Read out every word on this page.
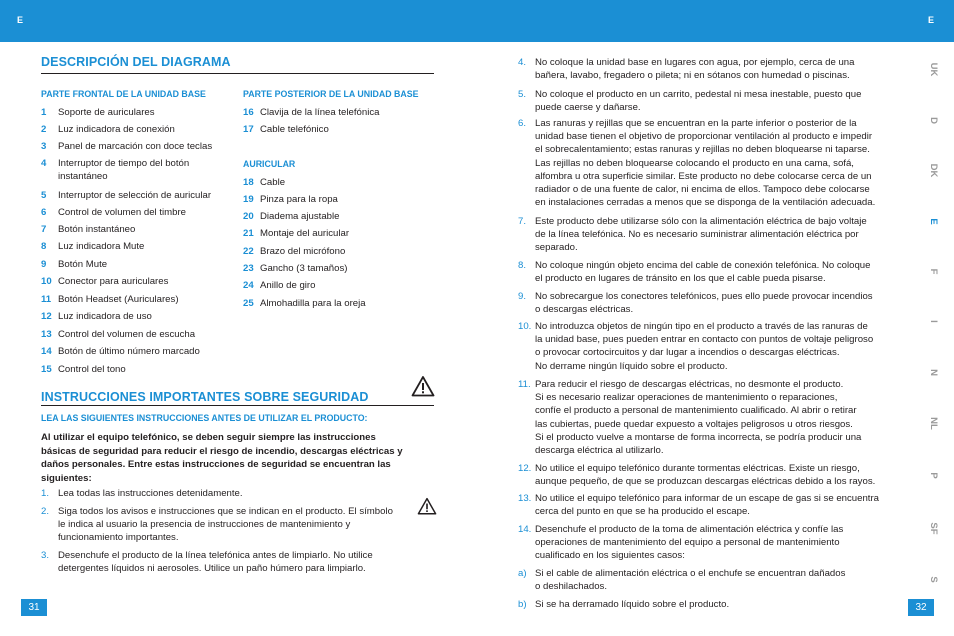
E	E
UK
D
DK
E
F
I
N
NL
P
SF
S
31	32
DESCRIPCIÓN DEL DIAGRAMA
PARTE FRONTAL DE LA UNIDAD BASE	PARTE POSTERIOR DE LA UNIDAD BASE
AURICULAR
1 Soporte de auriculares
2 Luz indicadora de conexión
3 Panel de marcación con doce teclas
4 Interruptor de tiempo del botón
instantáneo
5 Interruptor de selección de auricular
6 Control de volumen del timbre
7 Botón instantáneo
8 Luz indicadora Mute
9 Botón Mute
10 Conector para auriculares
11 Botón Headset (Auriculares)
12 Luz indicadora de uso
13 Control del volumen de escucha
14 Botón de último número marcado
15 Control del tono
16 Clavija de la línea telefónica
17 Cable telefónico
18 Cable
19 Pinza para la ropa
20 Diadema ajustable
21 Montaje del auricular
22 Brazo del micrófono
23 Gancho (3 tamaños)
24 Anillo de giro
25 Almohadilla para la oreja
INSTRUCCIONES IMPORTANTES SOBRE SEGURIDAD
LEA LAS SIGUIENTES INSTRUCCIONES ANTES DE UTILIZAR EL PRODUCTO:
Al utilizar el equipo telefónico, se deben seguir siempre las instrucciones
básicas de seguridad para reducir el riesgo de incendio, descargas eléctricas y
daños personales. Entre estas instrucciones de seguridad se encuentran las
siguientes:
1. Lea todas las instrucciones detenidamente.
2. Siga todos los avisos e instrucciones que se indican en el producto. El símbolo
le indica al usuario la presencia de instrucciones de mantenimiento y
funcionamiento importantes.
3. Desenchufe el producto de la línea telefónica antes de limpiarlo. No utilice
detergentes líquidos ni aerosoles. Utilice un paño húmero para limpiarlo.
4. No coloque la unidad base en lugares con agua, por ejemplo, cerca de una
bañera, lavabo, fregadero o pileta; ni en sótanos con humedad o piscinas.
5. No coloque el producto en un carrito, pedestal ni mesa inestable, puesto que
puede caerse y dañarse.
6. Las ranuras y rejillas que se encuentran en la parte inferior o posterior de la
unidad base tienen el objetivo de proporcionar ventilación al producto e impedir
el sobrecalentamiento; estas ranuras y rejillas no deben bloquearse ni taparse.
Las rejillas no deben bloquearse colocando el producto en una cama, sofá,
alfombra u otra superficie similar. Este producto no debe colocarse cerca de un
radiador o de una fuente de calor, ni encima de ellos. Tampoco debe colocarse
en instalaciones cerradas a menos que se disponga de la ventilación adecuada.
7. Este producto debe utilizarse sólo con la alimentación eléctrica de bajo voltaje
de la línea telefónica. No es necesario suministrar alimentación eléctrica por
separado.
8. No coloque ningún objeto encima del cable de conexión telefónica. No coloque
el producto en lugares de tránsito en los que el cable pueda pisarse.
9. No sobrecargue los conectores telefónicos, pues ello puede provocar incendios
o descargas eléctricas.
10. No introduzca objetos de ningún tipo en el producto a través de las ranuras de
la unidad base, pues pueden entrar en contacto con puntos de voltaje peligroso
o provocar cortocircuitos y dar lugar a incendios o descargas eléctricas.
No derrame ningún líquido sobre el producto.
11. Para reducir el riesgo de descargas eléctricas, no desmonte el producto.
Si es necesario realizar operaciones de mantenimiento o reparaciones,
confíe el producto a personal de mantenimiento cualificado. Al abrir o retirar
las cubiertas, puede quedar expuesto a voltajes peligrosos u otros riesgos.
Si el producto vuelve a montarse de forma incorrecta, se podría producir una
descarga eléctrica al utilizarlo.
12. No utilice el equipo telefónico durante tormentas eléctricas. Existe un riesgo,
aunque pequeño, de que se produzcan descargas eléctricas debido a los rayos.
13. No utilice el equipo telefónico para informar de un escape de gas si se encuentra
cerca del punto en que se ha producido el escape.
14. Desenchufe el producto de la toma de alimentación eléctrica y confíe las
operaciones de mantenimiento del equipo a personal de mantenimiento
cualificado en los siguientes casos:
a) Si el cable de alimentación eléctrica o el enchufe se encuentran dañados
o deshilachados.
b) Si se ha derramado líquido sobre el producto.
